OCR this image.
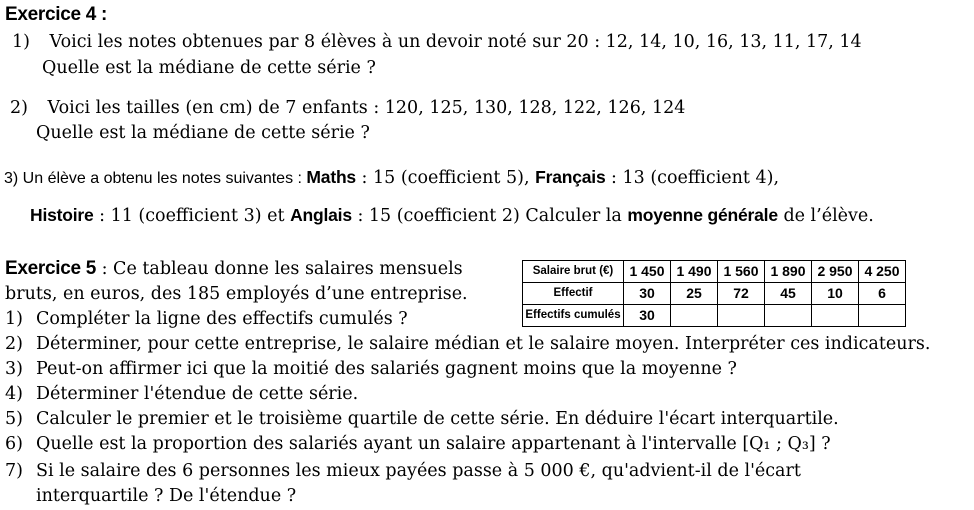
Exercice 4 :
1) Voici les notes obtenues par 8 élèves à un devoir noté sur 20 : 12, 14, 10, 16, 13, 11, 17, 14
Quelle est la médiane de cette série ?
2) Voici les tailles (en cm) de 7 enfants : 120, 125, 130, 128, 122, 126, 124
Quelle est la médiane de cette série ?
3) Un élève a obtenu les notes suivantes : Maths : 15 (coefficient 5), Français : 13 (coefficient 4),
Histoire : 11 (coefficient 3) et Anglais : 15 (coefficient 2) Calculer la moyenne générale de l’élève.
Exercice 5 : Ce tableau donne les salaires mensuels
bruts, en euros, des 185 employés d’une entreprise.
1) Compléter la ligne des effectifs cumulés ?
2) Déterminer, pour cette entreprise, le salaire médian et le salaire moyen. Interpréter ces indicateurs.
3) Peut-on affirmer ici que la moitié des salariés gagnent moins que la moyenne ?
4) Déterminer l'étendue de cette série.
5) Calculer le premier et le troisième quartile de cette série. En déduire l'écart interquartile.
6) Quelle est la proportion des salariés ayant un salaire appartenant à l'intervalle [Q₁ ; Q₃] ?
7) Si le salaire des 6 personnes les mieux payées passe à 5 000 €, qu'advient-il de l'écart
interquartile ? De l'étendue ?
Salaire brut (€)	1 450	1 490	1 560	1 890	2 950	4 250
Effectif	30	25	72	45	10	6
Effectifs cumulés	30					
